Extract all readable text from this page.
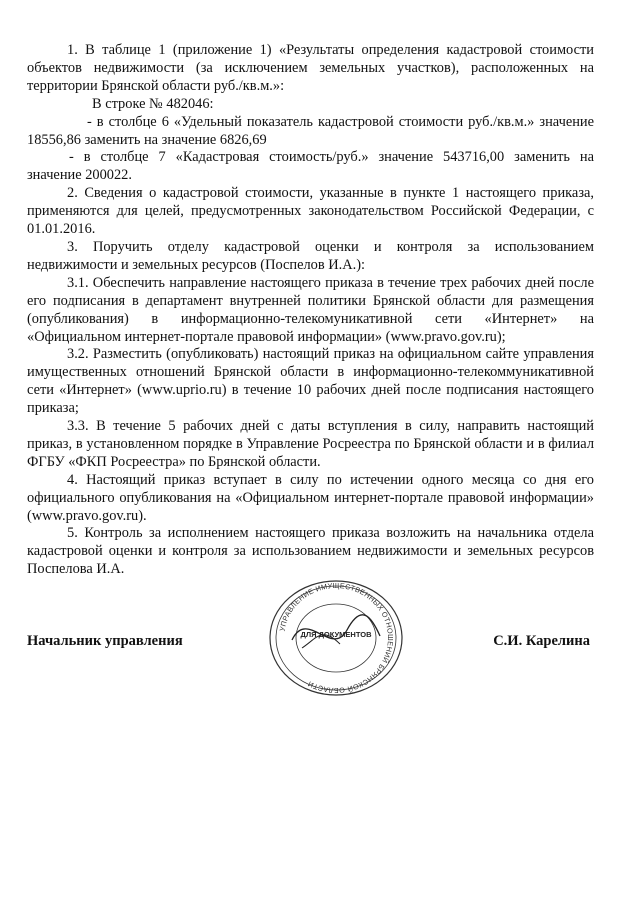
1. В таблице 1 (приложение 1) «Результаты определения кадастровой стоимости объектов недвижимости (за исключением земельных участков), расположенных на территории Брянской области руб./кв.м.»:

В строке № 482046:

- в столбце 6 «Удельный показатель кадастровой стоимости руб./кв.м.» значение 18556,86 заменить на значение 6826,69

- в столбце 7 «Кадастровая стоимость/руб.» значение 543716,00 заменить на значение 200022.

2. Сведения о кадастровой стоимости, указанные в пункте 1 настоящего приказа, применяются для целей, предусмотренных законодательством Российской Федерации, с 01.01.2016.

3. Поручить отделу кадастровой оценки и контроля за использованием недвижимости и земельных ресурсов (Поспелов И.А.):

3.1. Обеспечить направление настоящего приказа в течение трех рабочих дней после его подписания в департамент внутренней политики Брянской области для размещения (опубликования) в информационно-телекомуникативной сети «Интернет» на «Официальном интернет-портале правовой информации» (www.pravo.gov.ru);

3.2. Разместить (опубликовать) настоящий приказ на официальном сайте управления имущественных отношений Брянской области в информационно-телекоммуникативной сети «Интернет» (www.uprio.ru) в течение 10 рабочих дней после подписания настоящего приказа;

3.3. В течение 5 рабочих дней с даты вступления в силу, направить настоящий приказ, в установленном порядке в Управление Росреестра по Брянской области и в филиал ФГБУ «ФКП Росреестра» по Брянской области.

4. Настоящий приказ вступает в силу по истечении одного месяца со дня его официального опубликования на «Официальном интернет-портале правовой информации» (www.pravo.gov.ru).

5. Контроль за исполнением настоящего приказа возложить на начальника отдела кадастровой оценки и контроля за использованием недвижимости и земельных ресурсов Поспелова И.А.

Начальник управления	С.И. Карелина
УПРАВЛЕНИЕ ИМУЩЕСТВЕННЫХ ОТНОШЕНИЙ БРЯНСКОЙ ОБЛАСТИ
ДЛЯ ДОКУМЕНТОВ
